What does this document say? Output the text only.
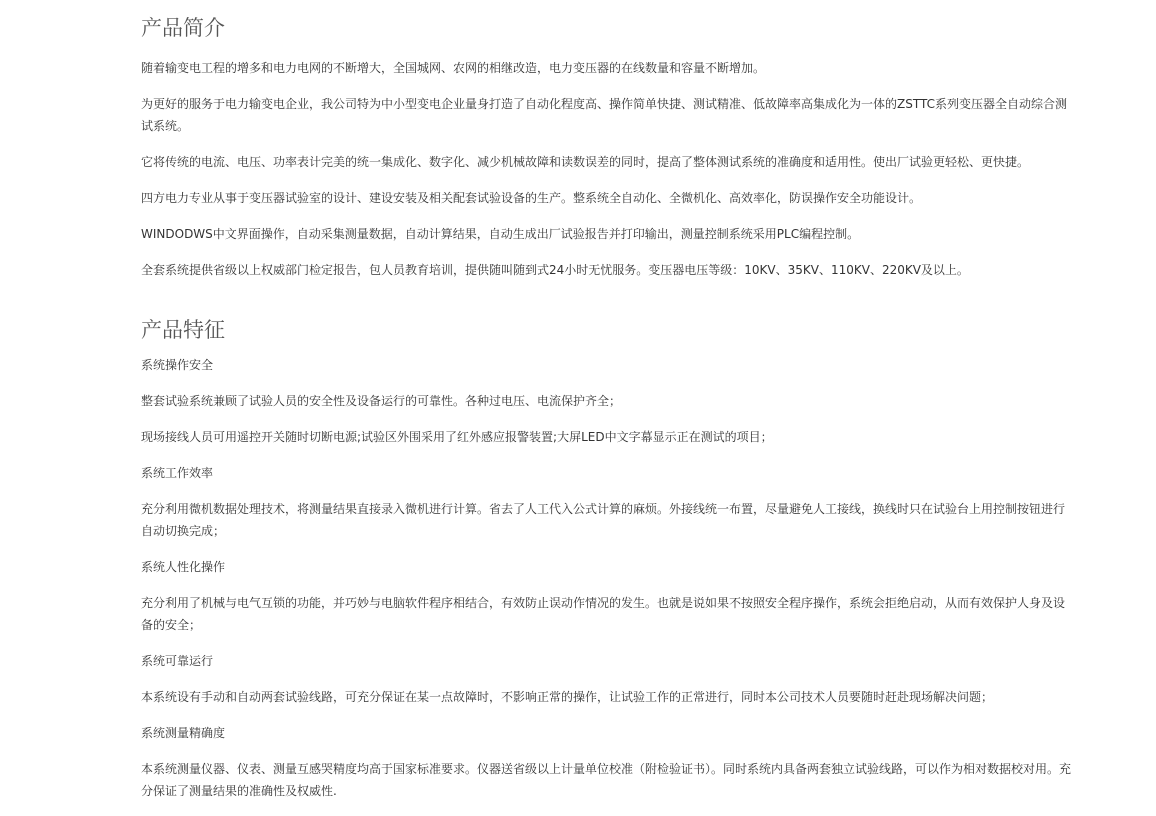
产品简介

随着输变电工程的增多和电力电网的不断增大，全国城网、农网的相继改造，电力变压器的在线数量和容量不断增加。

为更好的服务于电力输变电企业，我公司特为中小型变电企业量身打造了自动化程度高、操作简单快捷、测试精准、低故障率高集成化为一体的ZSTTC系列变压器全自动综合测试系统。

它将传统的电流、电压、功率表计完美的统一集成化、数字化、减少机械故障和读数误差的同时，提高了整体测试系统的准确度和适用性。使出厂试验更轻松、更快捷。

四方电力专业从事于变压器试验室的设计、建设安装及相关配套试验设备的生产。整系统全自动化、全微机化、高效率化，防误操作安全功能设计。

WINDODWS中文界面操作，自动采集测量数据，自动计算结果，自动生成出厂试验报告并打印输出，测量控制系统采用PLC编程控制。

全套系统提供省级以上权威部门检定报告，包人员教育培训，提供随叫随到式24小时无忧服务。变压器电压等级：10KV、35KV、110KV、220KV及以上。

产品特征

系统操作安全

整套试验系统兼顾了试验人员的安全性及设备运行的可靠性。各种过电压、电流保护齐全；

现场接线人员可用遥控开关随时切断电源;试验区外围采用了红外感应报警装置;大屏LED中文字幕显示正在测试的项目；

系统工作效率

充分利用微机数据处理技术，将测量结果直接录入微机进行计算。省去了人工代入公式计算的麻烦。外接线统一布置，尽量避免人工接线，换线时只在试验台上用控制按钮进行自动切换完成；

系统人性化操作

充分利用了机械与电气互锁的功能，并巧妙与电脑软件程序相结合，有效防止误动作情况的发生。也就是说如果不按照安全程序操作，系统会拒绝启动，从而有效保护人身及设备的安全；

系统可靠运行

本系统设有手动和自动两套试验线路，可充分保证在某一点故障时，不影响正常的操作，让试验工作的正常进行，同时本公司技术人员要随时赶赴现场解决问题；

系统测量精确度

本系统测量仪器、仪表、测量互感哭精度均高于国家标准要求。仪器送省级以上计量单位校准（附检验证书）。同时系统内具备两套独立试验线路，可以作为相对数据校对用。充分保证了测量结果的准确性及权威性.
